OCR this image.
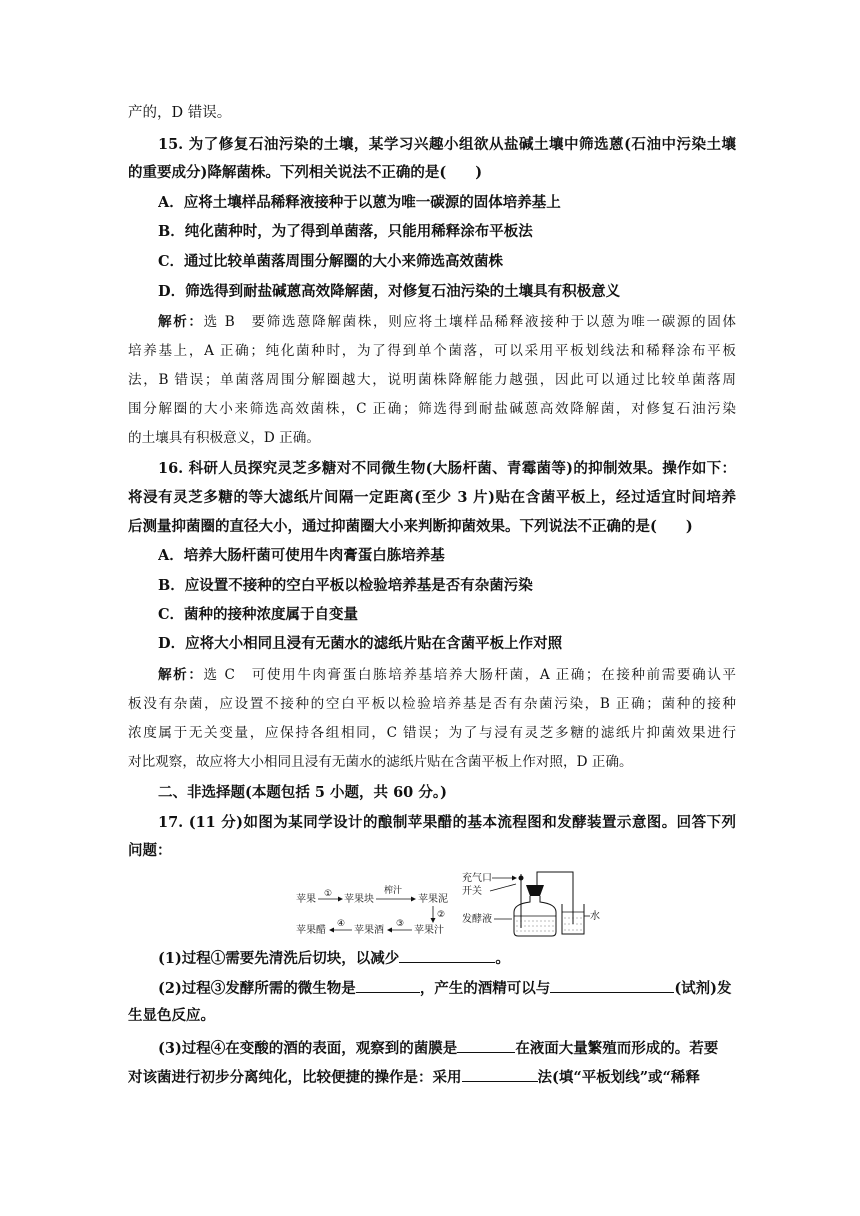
产的，D 错误。
15. 为了修复石油污染的土壤，某学习兴趣小组欲从盐碱土壤中筛选蒽(石油中污染土壤
的重要成分)降解菌株。下列相关说法不正确的是(　　)
A．应将土壤样品稀释液接种于以蒽为唯一碳源的固体培养基上
B．纯化菌种时，为了得到单菌落，只能用稀释涂布平板法
C．通过比较单菌落周围分解圈的大小来筛选高效菌株
D．筛选得到耐盐碱蒽高效降解菌，对修复石油污染的土壤具有积极意义
解析：选 B　要筛选蒽降解菌株，则应将土壤样品稀释液接种于以蒽为唯一碳源的固体
培养基上，A 正确；纯化菌种时，为了得到单个菌落，可以采用平板划线法和稀释涂布平板
法，B 错误；单菌落周围分解圈越大，说明菌株降解能力越强，因此可以通过比较单菌落周
围分解圈的大小来筛选高效菌株，C 正确；筛选得到耐盐碱蒽高效降解菌，对修复石油污染
的土壤具有积极意义，D 正确。
16. 科研人员探究灵芝多糖对不同微生物(大肠杆菌、青霉菌等)的抑制效果。操作如下：
将浸有灵芝多糖的等大滤纸片间隔一定距离(至少 3 片)贴在含菌平板上，经过适宜时间培养
后测量抑菌圈的直径大小，通过抑菌圈大小来判断抑菌效果。下列说法不正确的是(　　)
A．培养大肠杆菌可使用牛肉膏蛋白胨培养基
B．应设置不接种的空白平板以检验培养基是否有杂菌污染
C．菌种的接种浓度属于自变量
D．应将大小相同且浸有无菌水的滤纸片贴在含菌平板上作对照
解析：选 C　可使用牛肉膏蛋白胨培养基培养大肠杆菌，A 正确；在接种前需要确认平
板没有杂菌，应设置不接种的空白平板以检验培养基是否有杂菌污染，B 正确；菌种的接种
浓度属于无关变量，应保持各组相同，C 错误；为了与浸有灵芝多糖的滤纸片抑菌效果进行
对比观察，故应将大小相同且浸有无菌水的滤纸片贴在含菌平板上作对照，D 正确。
二、非选择题(本题包括 5 小题，共 60 分。)
17. (11 分)如图为某同学设计的酿制苹果醋的基本流程图和发酵装置示意图。回答下列
问题：
苹果 ① 苹果块
榨汁
苹果泥
②
苹果醋
④
苹果酒
③
苹果汁
充气口
开关
发酵液	水
(1)过程①需要先清洗后切块，以减少	。
(2)过程③发酵所需的微生物是	，产生的酒精可以与	(试剂)发
生显色反应。
(3)过程④在变酸的酒的表面，观察到的菌膜是	在液面大量繁殖而形成的。若要
对该菌进行初步分离纯化，比较便捷的操作是：采用	法(填“平板划线”或“稀释
